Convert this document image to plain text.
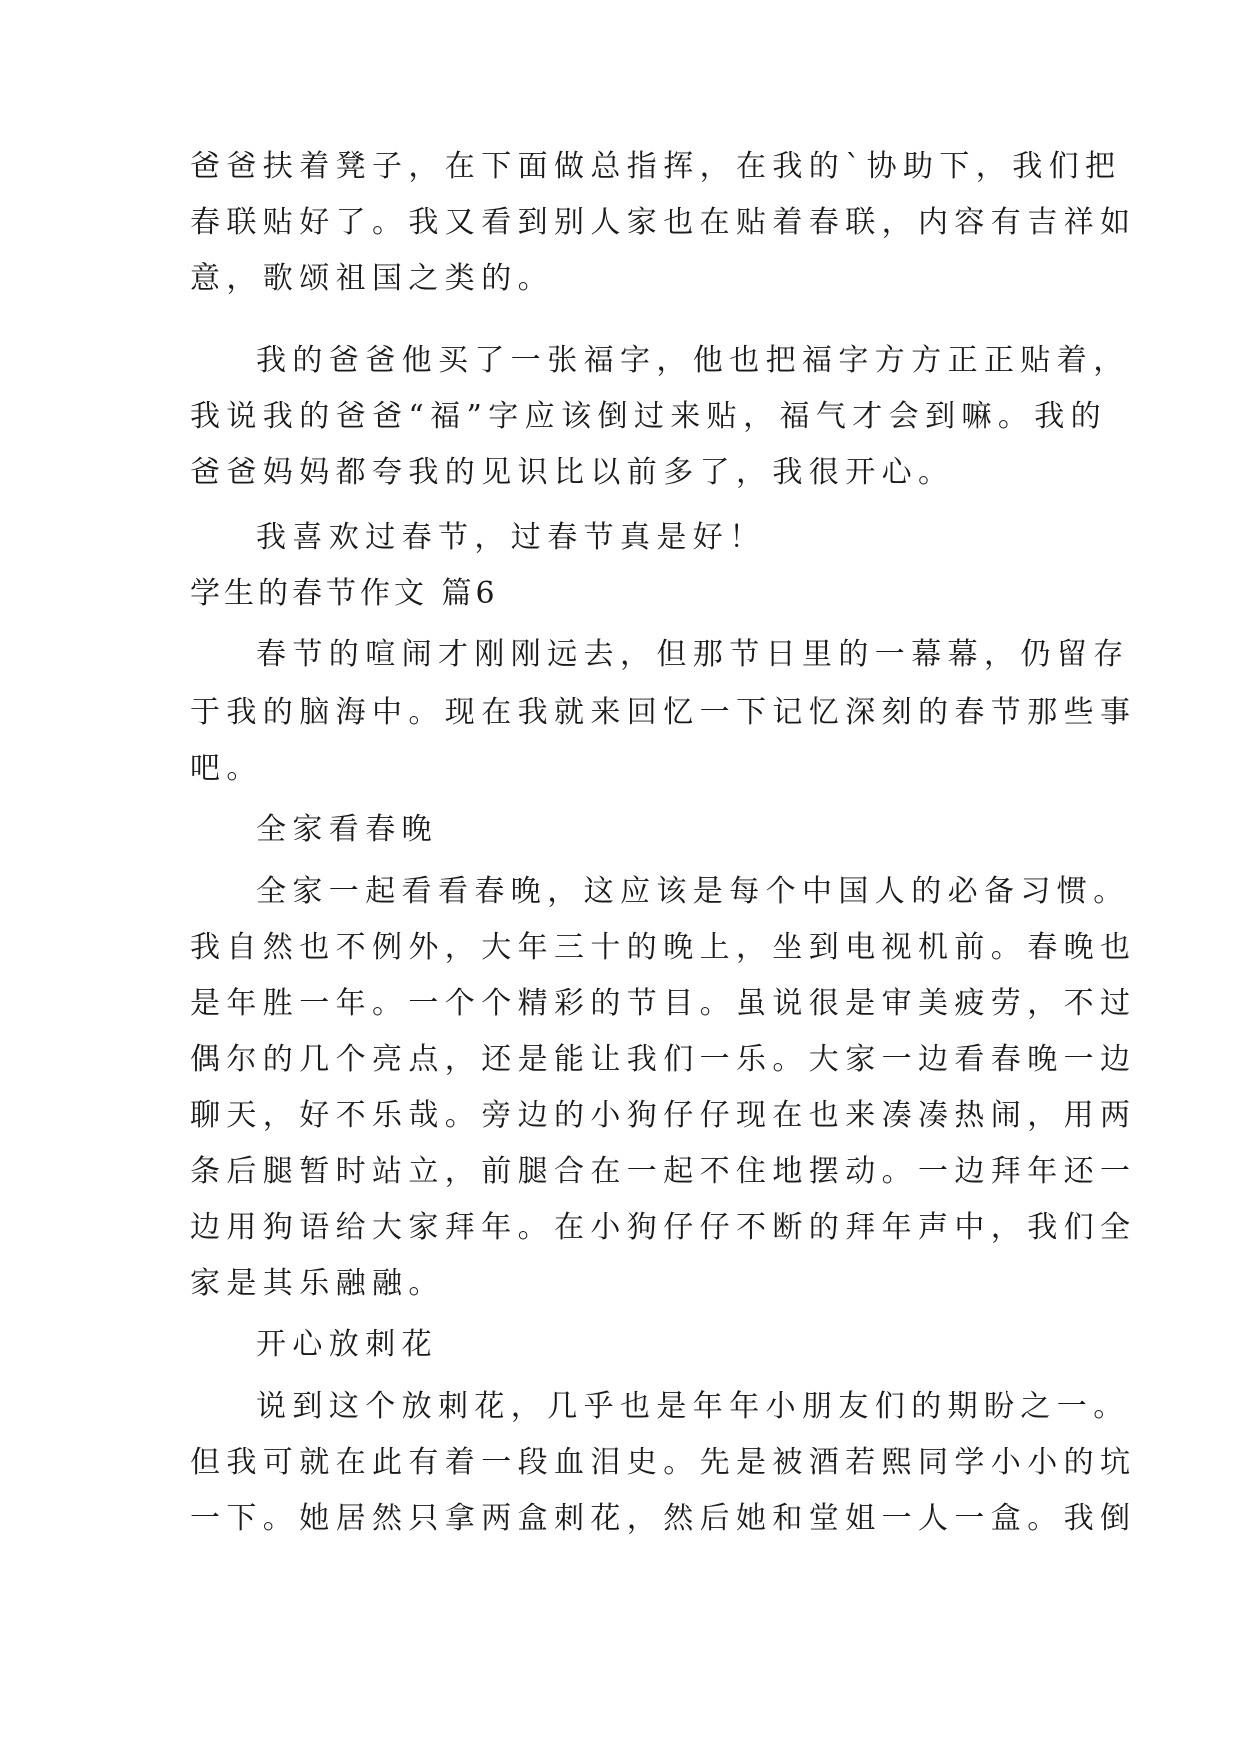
爸爸扶着凳子，在下面做总指挥，在我的`协助下，我们把
春联贴好了。我又看到别人家也在贴着春联，内容有吉祥如
意，歌颂祖国之类的。
我的爸爸他买了一张福字，他也把福字方方正正贴着，
我说我的爸爸“福”字应该倒过来贴，福气才会到嘛。我的
爸爸妈妈都夸我的见识比以前多了，我很开心。
我喜欢过春节，过春节真是好！
学生的春节作文 篇6
春节的喧闹才刚刚远去，但那节日里的一幕幕，仍留存
于我的脑海中。现在我就来回忆一下记忆深刻的春节那些事
吧。
全家看春晚
全家一起看看春晚，这应该是每个中国人的必备习惯。
我自然也不例外，大年三十的晚上，坐到电视机前。春晚也
是年胜一年。一个个精彩的节目。虽说很是审美疲劳，不过
偶尔的几个亮点，还是能让我们一乐。大家一边看春晚一边
聊天，好不乐哉。旁边的小狗仔仔现在也来凑凑热闹，用两
条后腿暂时站立，前腿合在一起不住地摆动。一边拜年还一
边用狗语给大家拜年。在小狗仔仔不断的拜年声中，我们全
家是其乐融融。
开心放刺花
说到这个放刺花，几乎也是年年小朋友们的期盼之一。
但我可就在此有着一段血泪史。先是被酒若熙同学小小的坑
一下。她居然只拿两盒刺花，然后她和堂姐一人一盒。我倒
